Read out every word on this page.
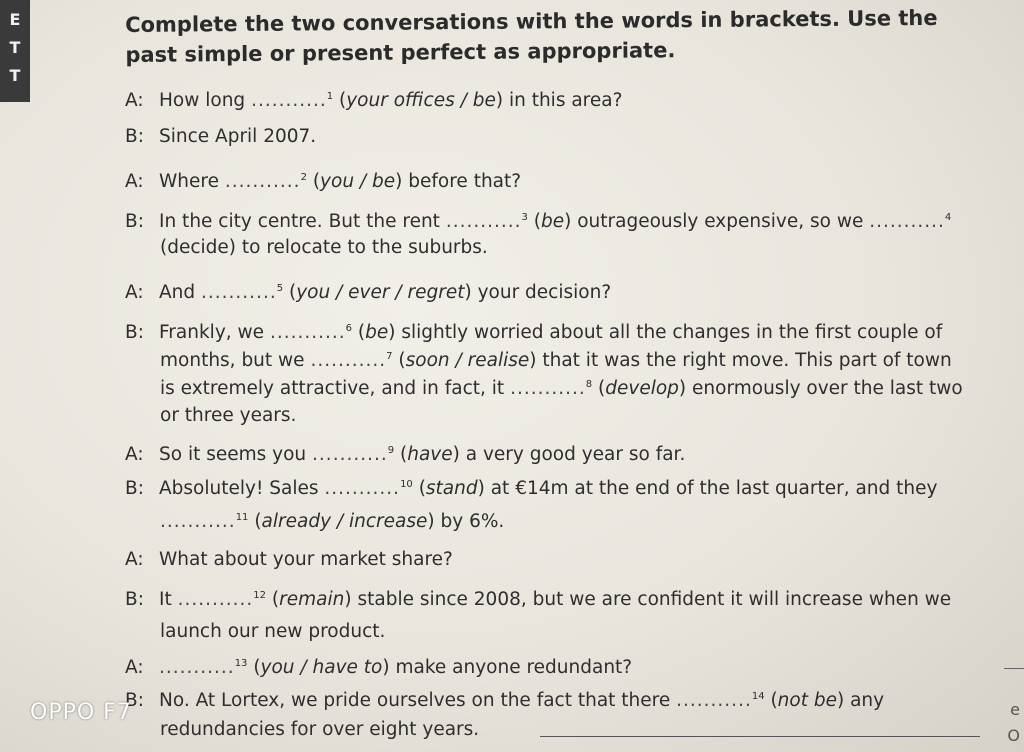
E
T
T
Complete the two conversations with the words in brackets. Use the past simple or present perfect as appropriate.
A: How long ...........$^1$ (your offices / be) in this area?
B: Since April 2007.
A: Where ...........$^2$ (you / be) before that?
B: In the city centre. But the rent ...........$^3$ (be) outrageously expensive, so we ...........$^4$
(decide) to relocate to the suburbs.
A: And ...........$^5$ (you / ever / regret) your decision?
B: Frankly, we ...........$^6$ (be) slightly worried about all the changes in the first couple of
months, but we ...........$^7$ (soon / realise) that it was the right move. This part of town
is extremely attractive, and in fact, it ...........$^8$ (develop) enormously over the last two
or three years.
A: So it seems you ...........$^9$ (have) a very good year so far.
B: Absolutely! Sales ...........$^{10}$ (stand) at €14m at the end of the last quarter, and they
...........$^{11}$ (already / increase) by 6%.
A: What about your market share?
B: It ...........$^{12}$ (remain) stable since 2008, but we are confident it will increase when we
launch our new product.
A: ...........$^{13}$ (you / have to) make anyone redundant?
B: No. At Lortex, we pride ourselves on the fact that there ...........$^{14}$ (not be) any
redundancies for over eight years.
OPPO F7	e
O
